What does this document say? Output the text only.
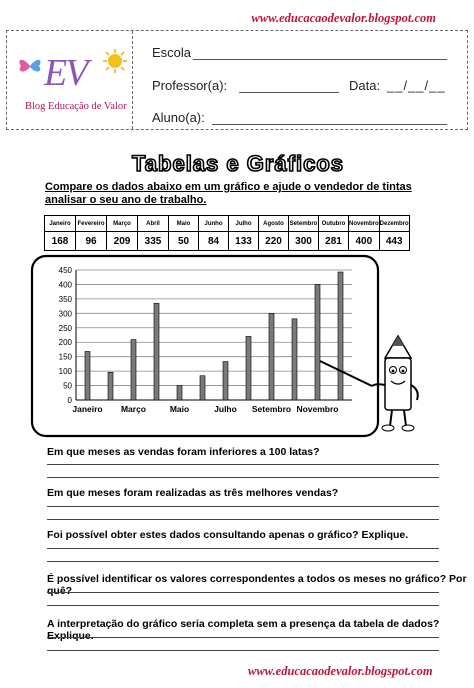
www.educacaodevalor.blogspot.com
EV
Blog Educação de Valor
Escola
Professor(a):	Data: __/__/__
Aluno(a):
Tabelas e Gráficos
Compare os dados abaixo em um gráfico e ajude o vendedor de tintas analisar o seu ano de trabalho.
Janeiro	Fevereiro	Março	Abril	Maio	Junho	Julho	Agosto	Setembro	Outubro	Novembro	Dezembro
168	96	209	335	50	84	133	220	300	281	400	443
0
50
100
150
200
250
300
350
400
450
Janeiro Março	Maio	Julho Setembro Novembro
Em que meses as vendas foram inferiores a 100 latas?
Em que meses foram realizadas as três melhores vendas?
Foi possível obter estes dados consultando apenas o gráfico? Explique.
É possível identificar os valores correspondentes a todos os meses no gráfico? Por quê?
A interpretação do gráfico seria completa sem a presença da tabela de dados? Explique.
www.educacaodevalor.blogspot.com
